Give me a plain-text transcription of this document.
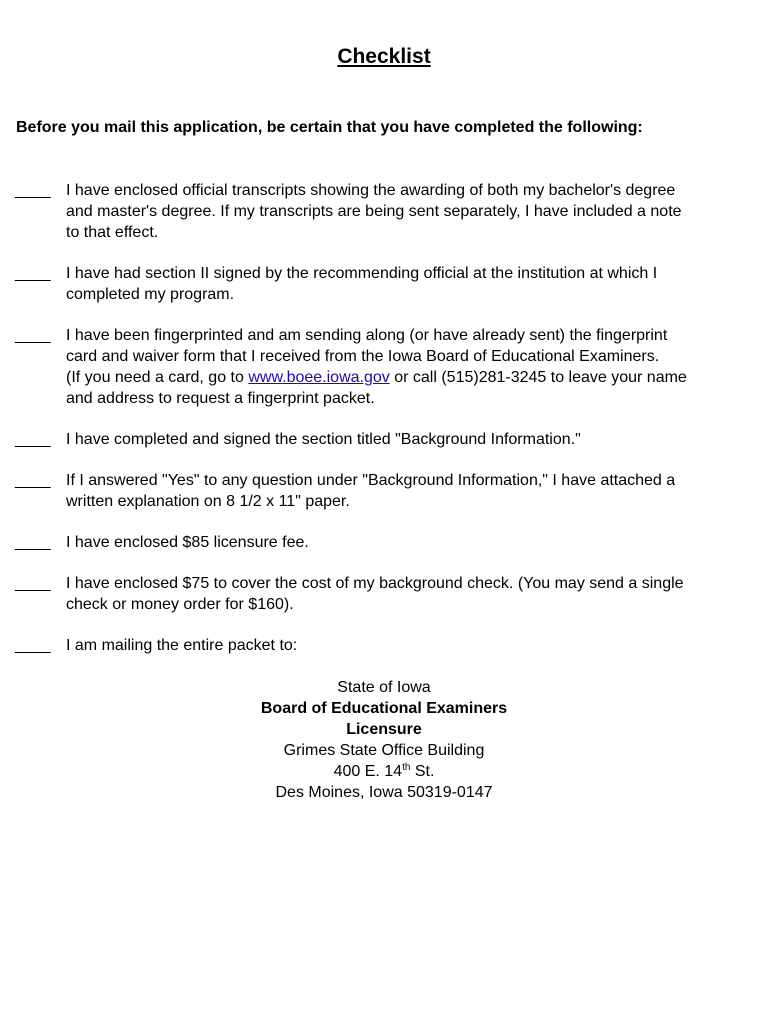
Checklist
Before you mail this application, be certain that you have completed the following:
____ I have enclosed official transcripts showing the awarding of both my bachelor's degree
and master's degree. If my transcripts are being sent separately, I have included a note
to that effect.
____ I have had section II signed by the recommending official at the institution at which I
completed my program.
____ I have been fingerprinted and am sending along (or have already sent) the fingerprint
card and waiver form that I received from the Iowa Board of Educational Examiners.
(If you need a card, go to www.boee.iowa.gov or call (515)281-3245 to leave your name
and address to request a fingerprint packet.
____ I have completed and signed the section titled "Background Information."
____ If I answered "Yes" to any question under "Background Information," I have attached a
written explanation on 8 1/2 x 11" paper.
____ I have enclosed $85 licensure fee.
____ I have enclosed $75 to cover the cost of my background check. (You may send a single
check or money order for $160).
____ I am mailing the entire packet to:
State of Iowa
Board of Educational Examiners
Licensure
Grimes State Office Building
400 E. 14th St.
Des Moines, Iowa 50319-0147
